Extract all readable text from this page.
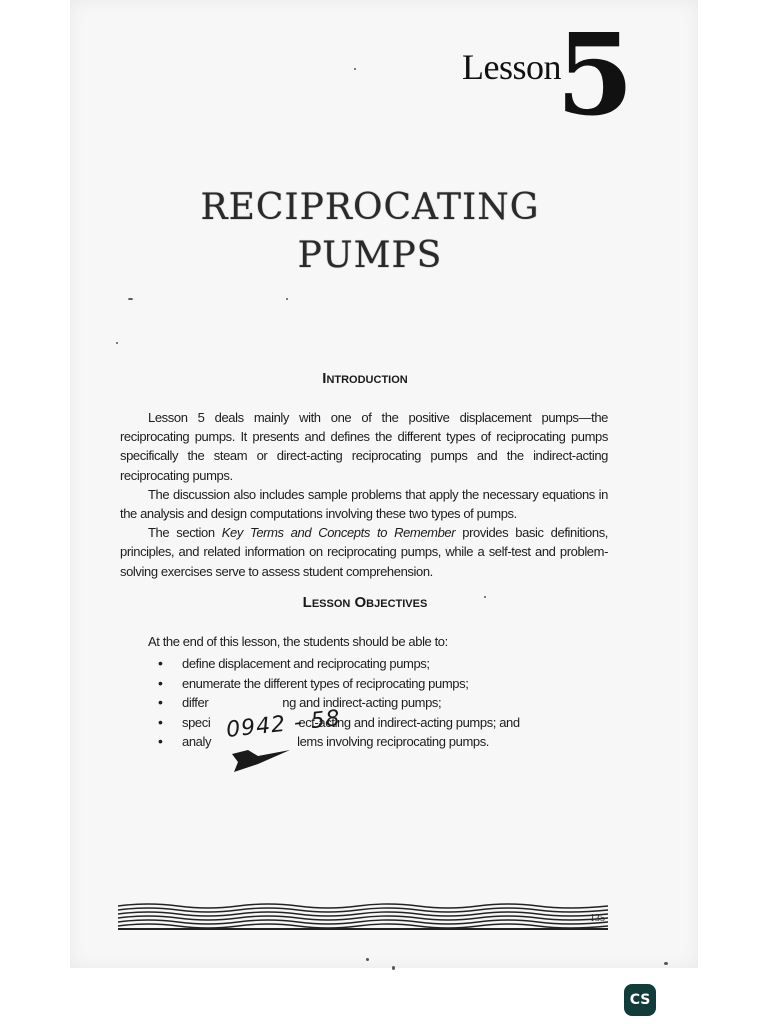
Lesson
5
RECIPROCATING
PUMPS
Introduction

Lesson 5 deals mainly with one of the positive displacement pumps—the reciprocating pumps. It presents and defines the different types of reciprocating pumps specifically the steam or direct-acting reciprocating pumps and the indirect-acting reciprocating pumps.

The discussion also includes sample problems that apply the necessary equations in the analysis and design computations involving these two types of pumps.

The section Key Terms and Concepts to Remember provides basic definitions, principles, and related information on reciprocating pumps, while a self-test and problem-solving exercises serve to assess student comprehension.

Lesson Objectives
At the end of this lesson, the students should be able to:
• define displacement and reciprocating pumps;
• enumerate the different types of reciprocating pumps;
• differ	ng and indirect-acting pumps;
• speci	ect-acting and indirect-acting pumps; and
• analy	lems involving reciprocating pumps.
0942 - 58
135
CS
